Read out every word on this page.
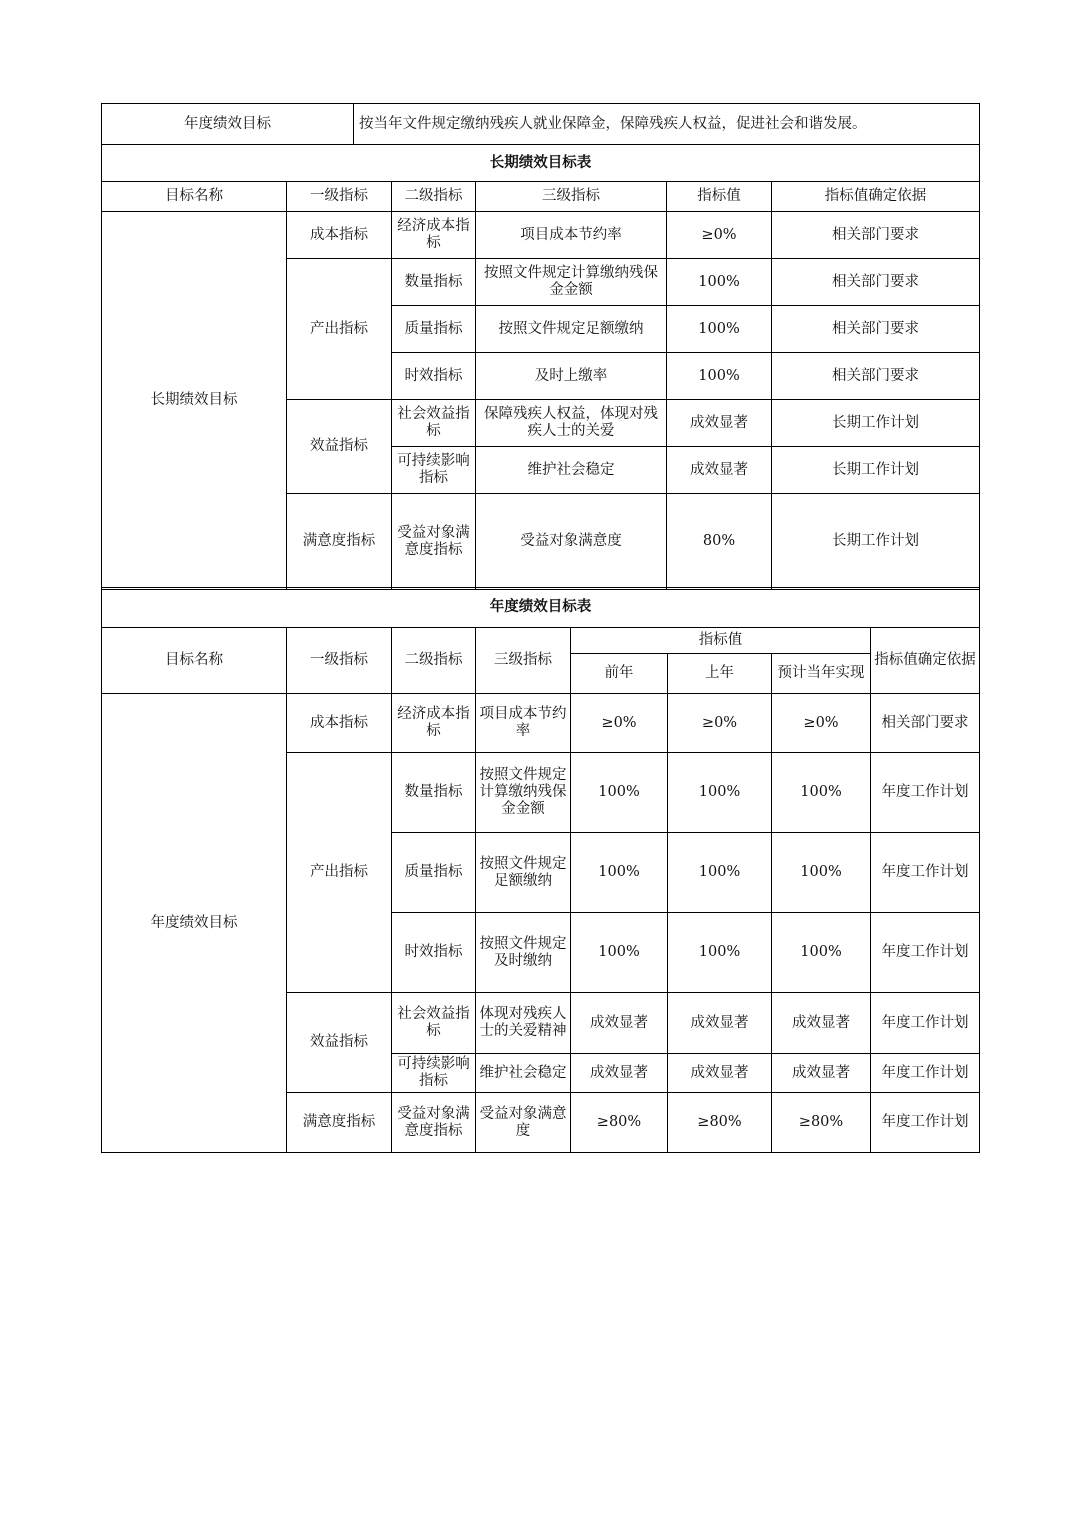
年度绩效目标	按当年文件规定缴纳残疾人就业保障金，保障残疾人权益，促进社会和谐发展。
长期绩效目标表					
目标名称	一级指标	二级指标	三级指标	指标值	指标值确定依据
长期绩效目标	成本指标	经济成本指标	项目成本节约率	≥0%	相关部门要求
	产出指标	数量指标	按照文件规定计算缴纳残保金金额	100%	相关部门要求
		质量指标	按照文件规定足额缴纳	100%	相关部门要求
		时效指标	及时上缴率	100%	相关部门要求
	效益指标	社会效益指标	保障残疾人权益，体现对残疾人士的关爱	成效显著	长期工作计划
		可持续影响指标	维护社会稳定	成效显著	长期工作计划
	满意度指标	受益对象满意度指标	受益对象满意度	80%	长期工作计划
年度绩效目标表							
目标名称	一级指标	二级指标	三级指标	指标值			指标值确定依据
				前年	上年	预计当年实现	
年度绩效目标	成本指标	经济成本指标	项目成本节约率	≥0%	≥0%	≥0%	相关部门要求
	产出指标	数量指标	按照文件规定计算缴纳残保金金额	100%	100%	100%	年度工作计划
		质量指标	按照文件规定足额缴纳	100%	100%	100%	年度工作计划
		时效指标	按照文件规定及时缴纳	100%	100%	100%	年度工作计划
	效益指标	社会效益指标	体现对残疾人士的关爱精神	成效显著	成效显著	成效显著	年度工作计划
		可持续影响指标	维护社会稳定	成效显著	成效显著	成效显著	年度工作计划
	满意度指标	受益对象满意度指标	受益对象满意度	≥80%	≥80%	≥80%	年度工作计划
